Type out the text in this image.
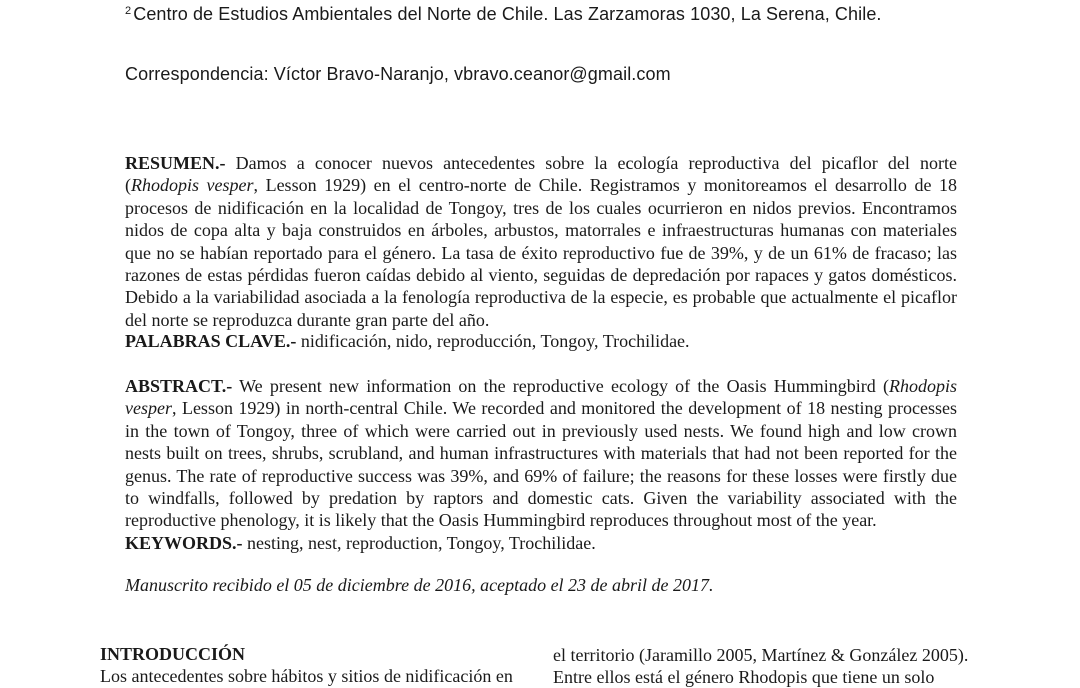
$^2$ Centro de Estudios Ambientales del Norte de Chile. Las Zarzamoras 1030, La Serena, Chile.
Correspondencia: Víctor Bravo-Naranjo, vbravo.ceanor@gmail.com
RESUMEN.- Damos a conocer nuevos antecedentes sobre la ecología reproductiva del picaflor del norte (Rhodopis vesper, Lesson 1929) en el centro-norte de Chile. Registramos y monitoreamos el desarrollo de 18 procesos de nidificación en la localidad de Tongoy, tres de los cuales ocurrieron en nidos previos. Encontramos nidos de copa alta y baja construidos en árboles, arbustos, matorrales e infraestructuras humanas con materiales que no se habían reportado para el género. La tasa de éxito reproductivo fue de 39%, y de un 61% de fracaso; las razones de estas pérdidas fueron caídas debido al viento, seguidas de depredación por rapaces y gatos domésticos. Debido a la variabilidad asociada a la fenología reproductiva de la especie, es probable que actualmente el picaflor del norte se reproduzca durante gran parte del año.
PALABRAS CLAVE.- nidificación, nido, reproducción, Tongoy, Trochilidae.
ABSTRACT.- We present new information on the reproductive ecology of the Oasis Hummingbird (Rhodopis vesper, Lesson 1929) in north-central Chile. We recorded and monitored the development of 18 nesting processes in the town of Tongoy, three of which were carried out in previously used nests. We found high and low crown nests built on trees, shrubs, scrubland, and human infrastructures with materials that had not been reported for the genus. The rate of reproductive success was 39%, and 69% of failure; the reasons for these losses were firstly due to windfalls, followed by predation by raptors and domestic cats. Given the variability associated with the reproductive phenology, it is likely that the Oasis Hummingbird reproduces throughout most of the year.
KEYWORDS.- nesting, nest, reproduction, Tongoy, Trochilidae.
Manuscrito recibido el 05 de diciembre de 2016, aceptado el 23 de abril de 2017.
INTRODUCCIÓN
Los antecedentes sobre hábitos y sitios de nidificación en
el territorio (Jaramillo 2005, Martínez & González 2005).
Entre ellos está el género Rhodopis que tiene un solo
